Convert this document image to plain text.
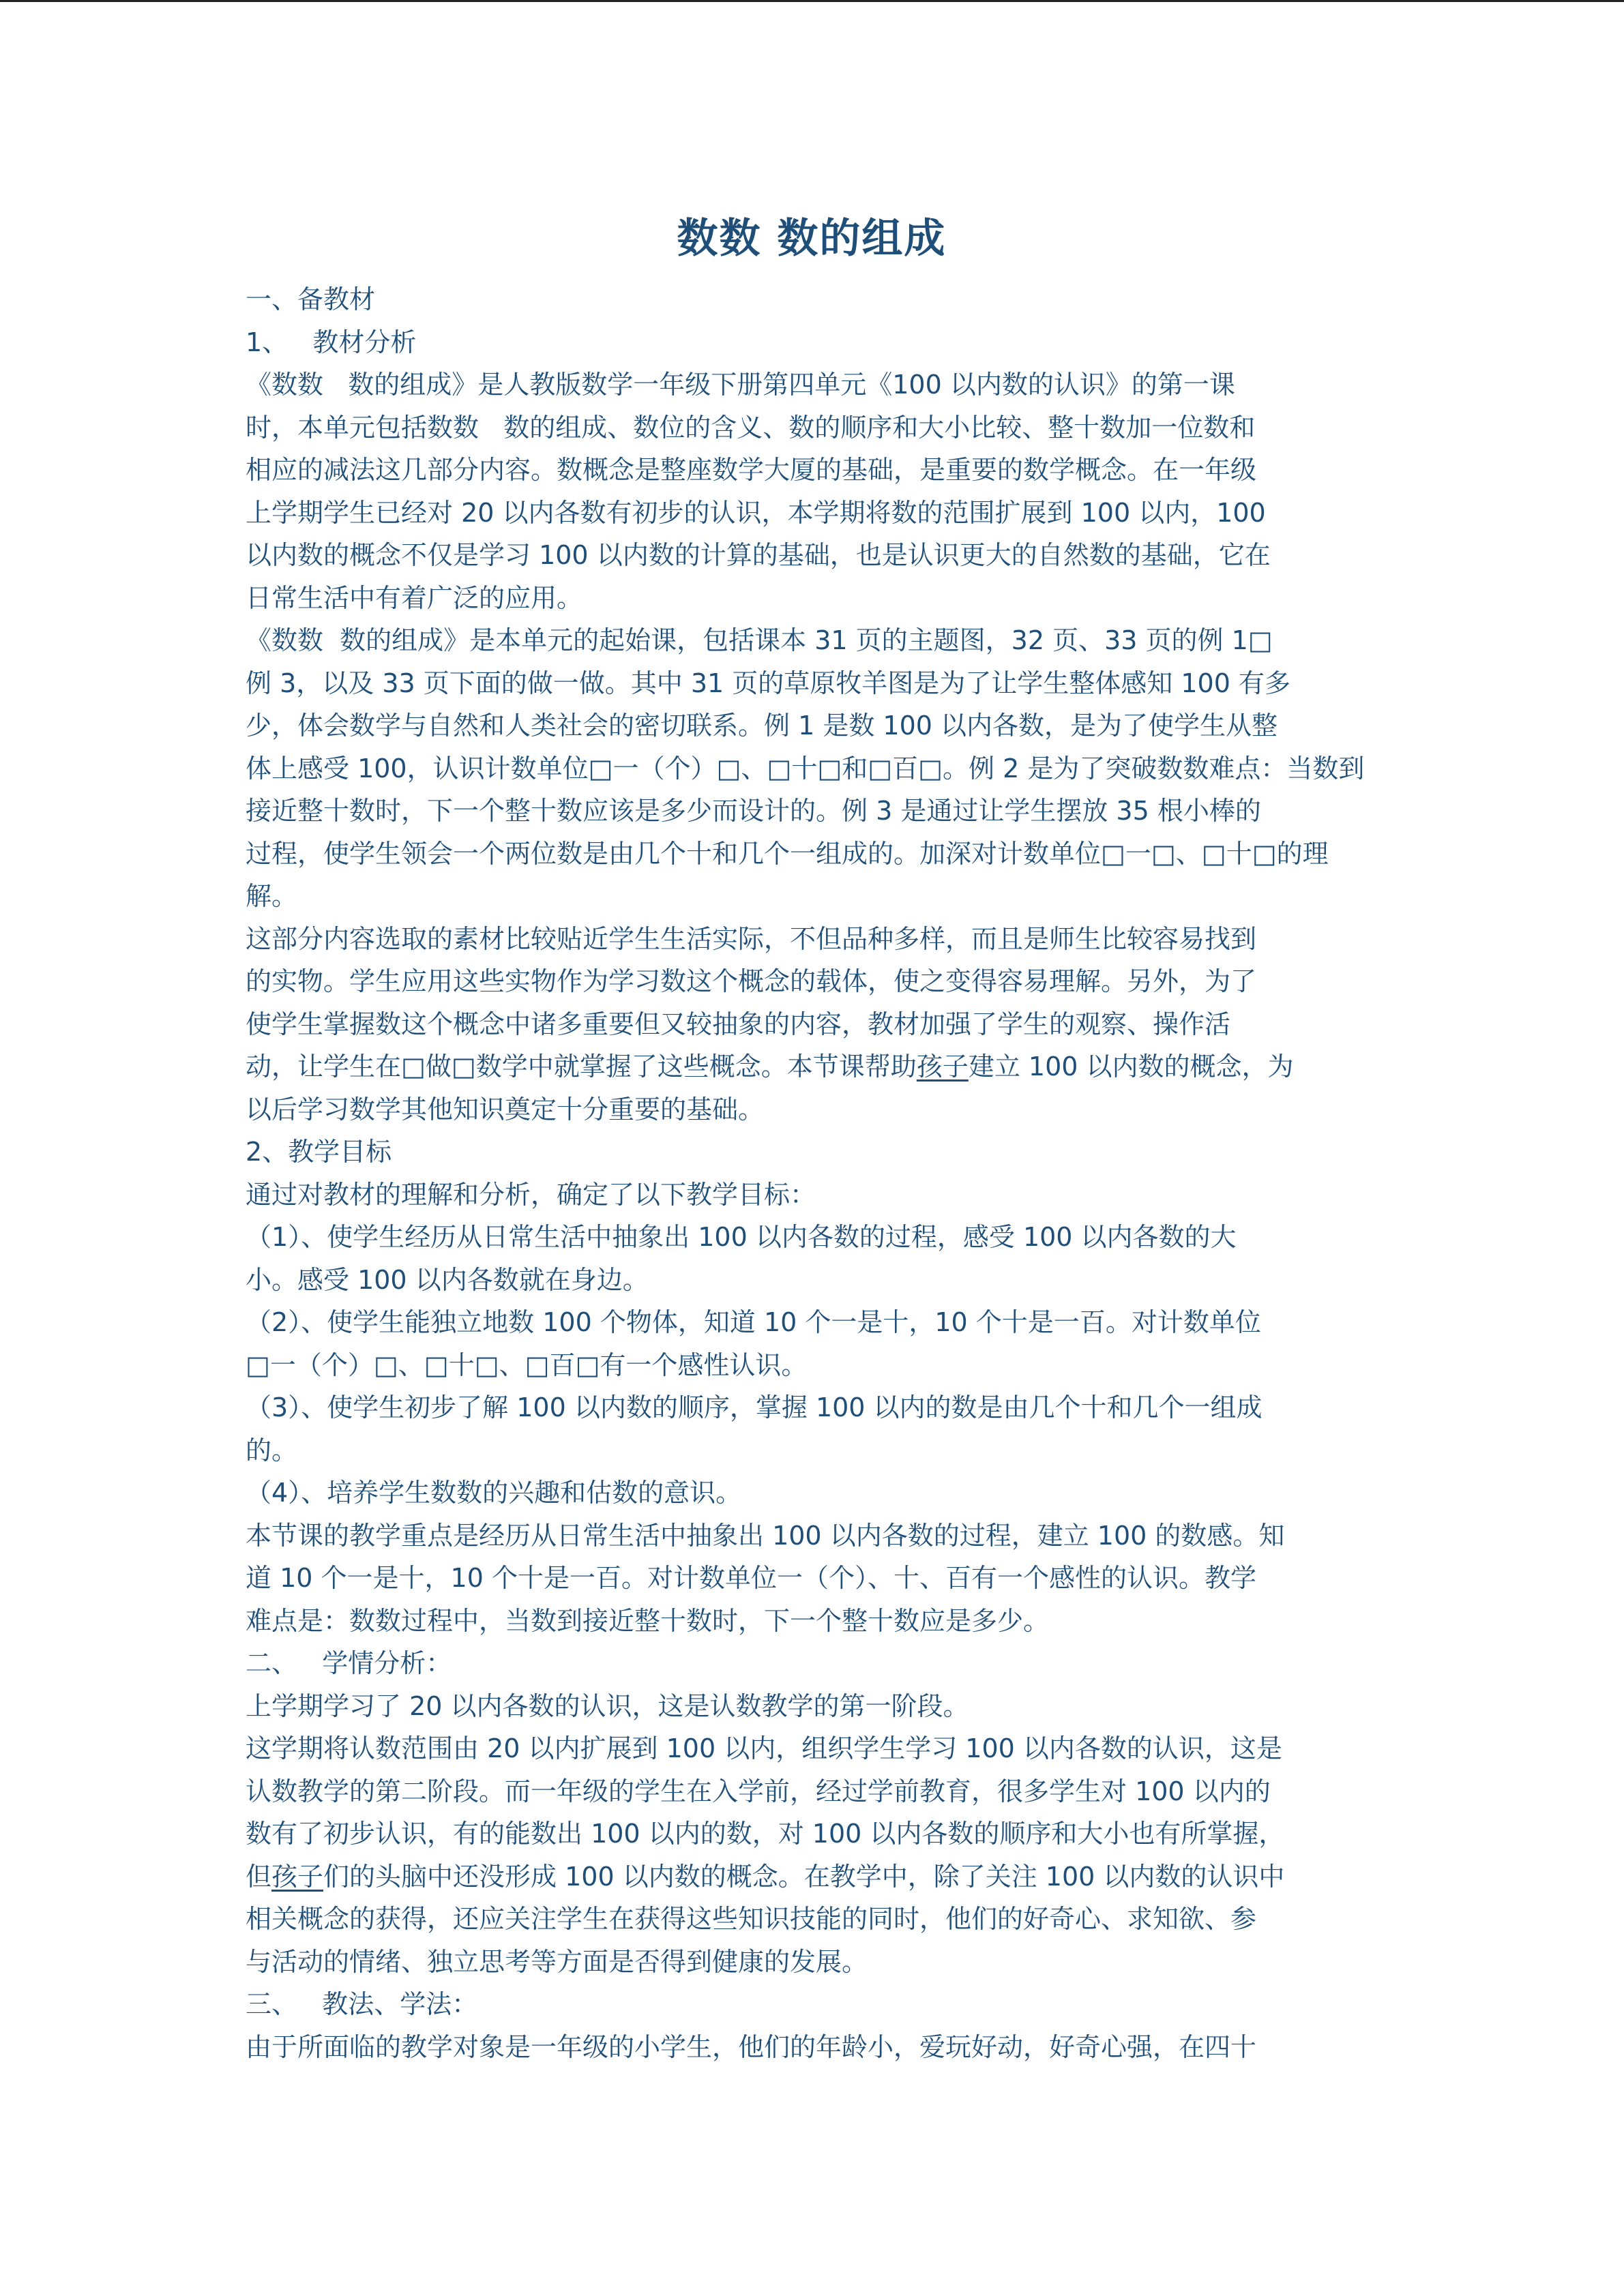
数数 数的组成

一、备教材

1、   教材分析

《数数   数的组成》是人教版数学一年级下册第四单元《100 以内数的认识》的第一课

时，本单元包括数数   数的组成、数位的含义、数的顺序和大小比较、整十数加一位数和

相应的减法这几部分内容。数概念是整座数学大厦的基础，是重要的数学概念。在一年级

上学期学生已经对 20 以内各数有初步的认识，本学期将数的范围扩展到 100 以内，100

以内数的概念不仅是学习 100 以内数的计算的基础，也是认识更大的自然数的基础，它在

日常生活中有着广泛的应用。

《数数  数的组成》是本单元的起始课，包括课本 31 页的主题图，32 页、33 页的例 1□

例 3，以及 33 页下面的做一做。其中 31 页的草原牧羊图是为了让学生整体感知 100 有多

少，体会数学与自然和人类社会的密切联系。例 1 是数 100 以内各数，是为了使学生从整

体上感受 100，认识计数单位□一（个）□、□十□和□百□。例 2 是为了突破数数难点：当数到

接近整十数时，下一个整十数应该是多少而设计的。例 3 是通过让学生摆放 35 根小棒的

过程，使学生领会一个两位数是由几个十和几个一组成的。加深对计数单位□一□、□十□的理

解。

这部分内容选取的素材比较贴近学生生活实际，不但品种多样，而且是师生比较容易找到

的实物。学生应用这些实物作为学习数这个概念的载体，使之变得容易理解。另外，为了

使学生掌握数这个概念中诸多重要但又较抽象的内容，教材加强了学生的观察、操作活

动，让学生在□做□数学中就掌握了这些概念。本节课帮助孩子建立 100 以内数的概念，为

以后学习数学其他知识奠定十分重要的基础。

2、教学目标

通过对教材的理解和分析，确定了以下教学目标：

（1）、使学生经历从日常生活中抽象出 100 以内各数的过程，感受 100 以内各数的大

小。感受 100 以内各数就在身边。

（2）、使学生能独立地数 100 个物体，知道 10 个一是十，10 个十是一百。对计数单位

□一（个）□、□十□、□百□有一个感性认识。

（3）、使学生初步了解 100 以内数的顺序，掌握 100 以内的数是由几个十和几个一组成

的。

（4）、培养学生数数的兴趣和估数的意识。

本节课的教学重点是经历从日常生活中抽象出 100 以内各数的过程，建立 100 的数感。知

道 10 个一是十，10 个十是一百。对计数单位一（个）、十、百有一个感性的认识。教学

难点是：数数过程中，当数到接近整十数时，下一个整十数应是多少。

二、   学情分析：

上学期学习了 20 以内各数的认识，这是认数教学的第一阶段。

这学期将认数范围由 20 以内扩展到 100 以内，组织学生学习 100 以内各数的认识，这是

认数教学的第二阶段。而一年级的学生在入学前，经过学前教育，很多学生对 100 以内的

数有了初步认识，有的能数出 100 以内的数，对 100 以内各数的顺序和大小也有所掌握，

但孩子们的头脑中还没形成 100 以内数的概念。在教学中，除了关注 100 以内数的认识中

相关概念的获得，还应关注学生在获得这些知识技能的同时，他们的好奇心、求知欲、参

与活动的情绪、独立思考等方面是否得到健康的发展。

三、   教法、学法：

由于所面临的教学对象是一年级的小学生，他们的年龄小，爱玩好动，好奇心强，在四十
